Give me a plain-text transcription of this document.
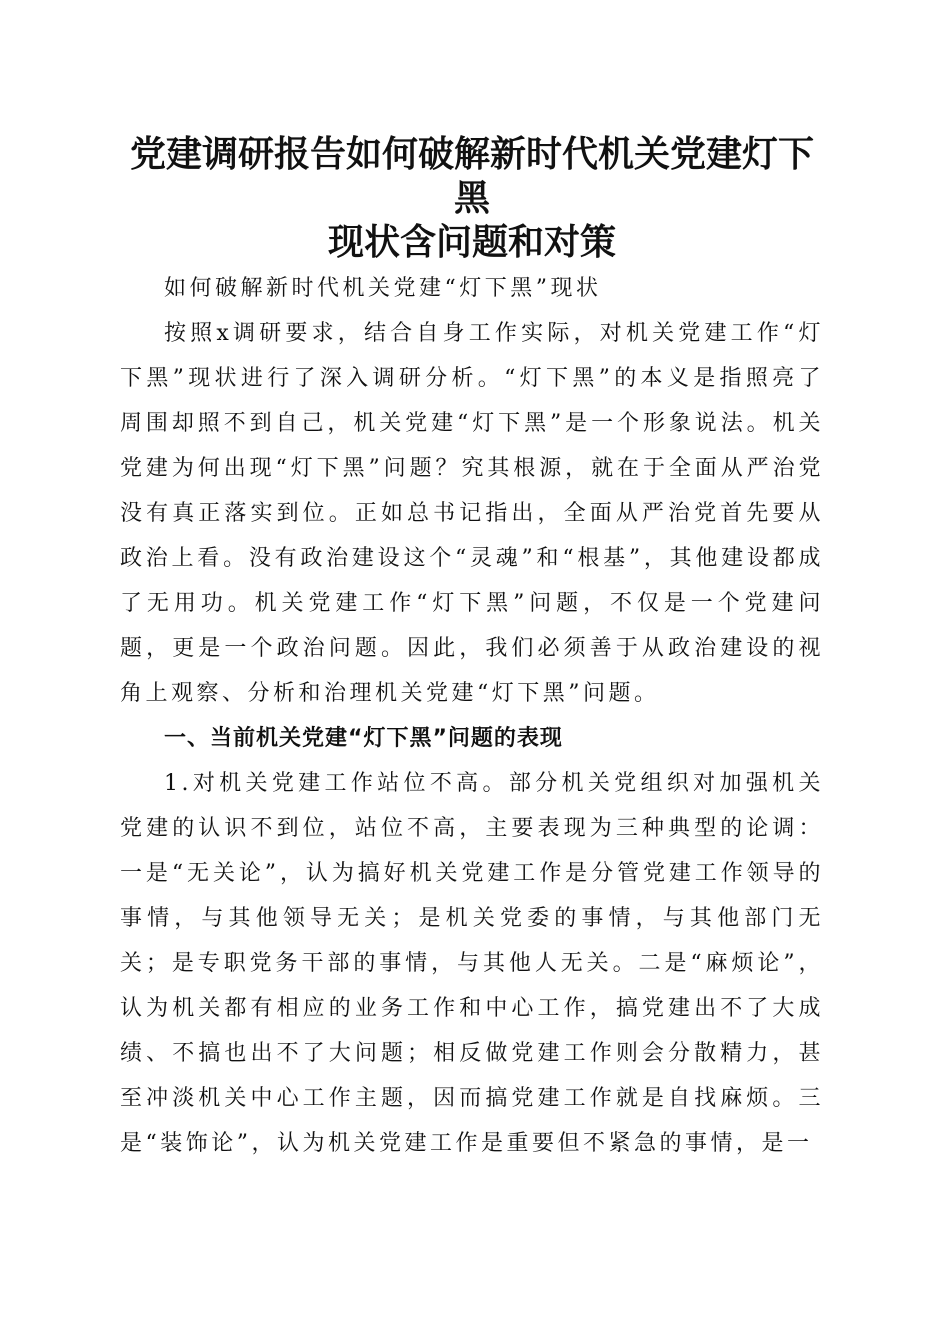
党建调研报告如何破解新时代机关党建灯下黑
现状含问题和对策

如何破解新时代机关党建“灯下黑”现状

按照x调研要求，结合自身工作实际，对机关党建工作“灯下黑”现状进行了深入调研分析。“灯下黑”的本义是指照亮了周围却照不到自己，机关党建“灯下黑”是一个形象说法。机关党建为何出现“灯下黑”问题？究其根源，就在于全面从严治党没有真正落实到位。正如总书记指出，全面从严治党首先要从政治上看。没有政治建设这个“灵魂”和“根基”，其他建设都成了无用功。机关党建工作“灯下黑”问题，不仅是一个党建问题，更是一个政治问题。因此，我们必须善于从政治建设的视角上观察、分析和治理机关党建“灯下黑”问题。

一、当前机关党建“灯下黑”问题的表现

1.对机关党建工作站位不高。部分机关党组织对加强机关党建的认识不到位，站位不高，主要表现为三种典型的论调：一是“无关论”，认为搞好机关党建工作是分管党建工作领导的事情，与其他领导无关；是机关党委的事情，与其他部门无关；是专职党务干部的事情，与其他人无关。二是“麻烦论”，认为机关都有相应的业务工作和中心工作，搞党建出不了大成绩、不搞也出不了大问题；相反做党建工作则会分散精力，甚至冲淡机关中心工作主题，因而搞党建工作就是自找麻烦。三是“装饰论”，认为机关党建工作是重要但不紧急的事情，是一
